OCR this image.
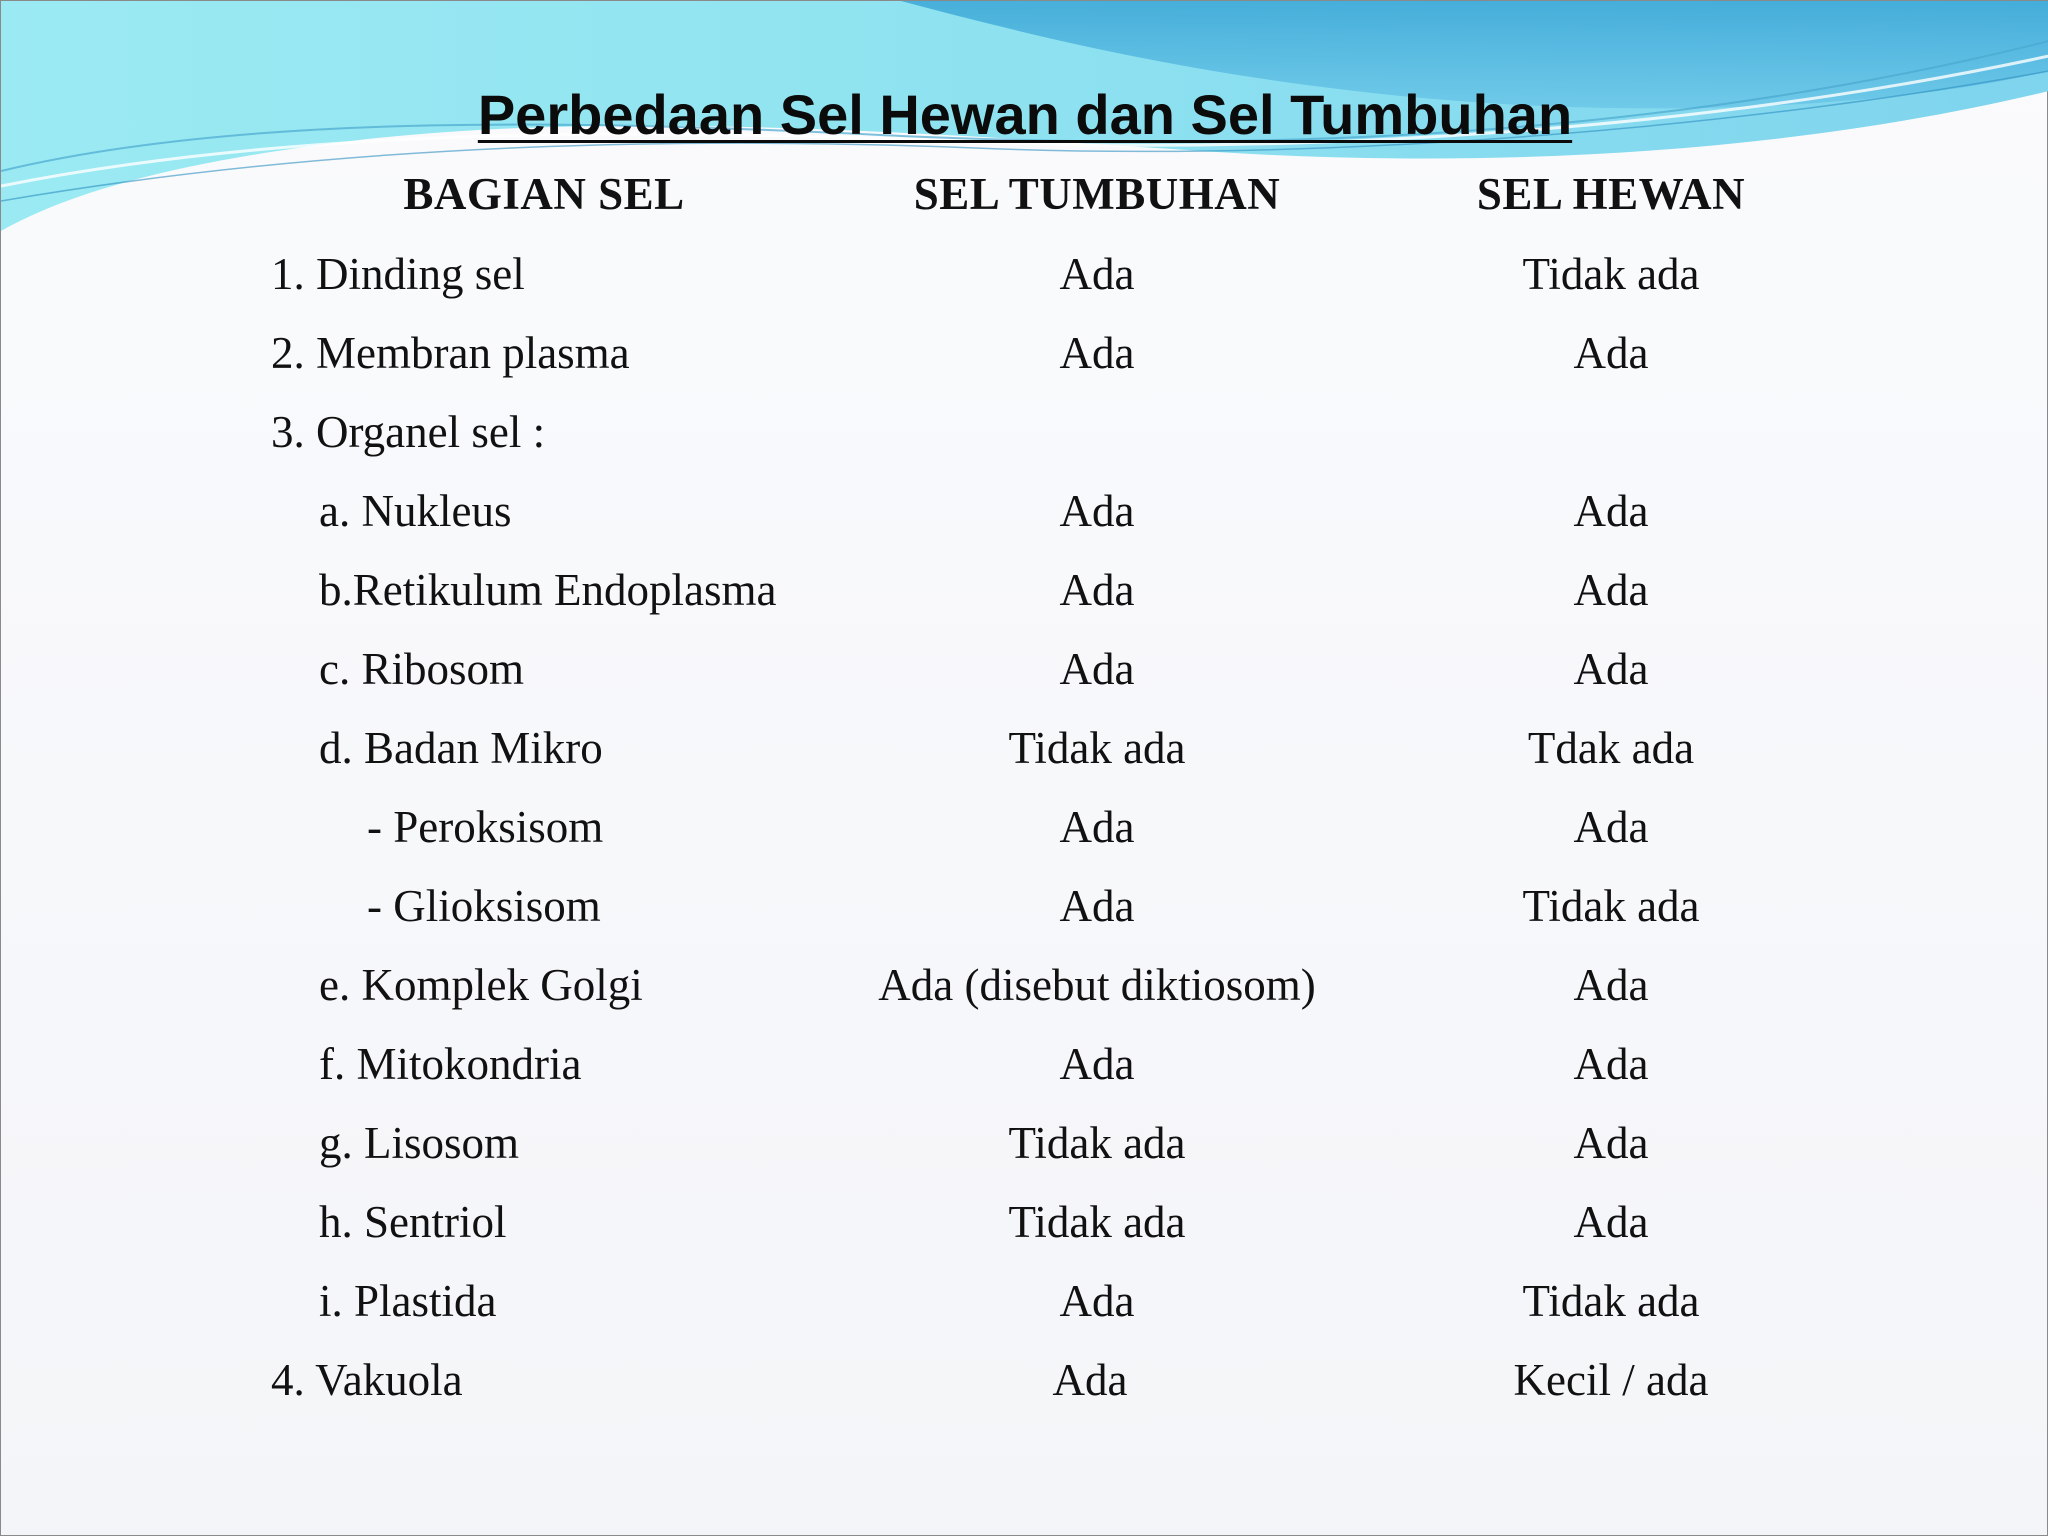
Perbedaan Sel Hewan dan Sel Tumbuhan
BAGIAN SEL	SEL TUMBUHAN	SEL HEWAN
1. Dinding sel	Ada	Tidak ada
2. Membran plasma	Ada	Ada
3. Organel sel :
a. Nukleus	Ada	Ada
b.Retikulum Endoplasma	Ada	Ada
c. Ribosom	Ada	Ada
d. Badan Mikro	Tidak ada	Tdak ada
- Peroksisom	Ada	Ada
- Glioksisom	Ada	Tidak ada
e. Komplek Golgi	Ada (disebut diktiosom)	Ada
f. Mitokondria	Ada	Ada
g. Lisosom	Tidak ada	Ada
h. Sentriol	Tidak ada	Ada
i. Plastida	Ada	Tidak ada
4. Vakuola	Ada	Kecil / ada
